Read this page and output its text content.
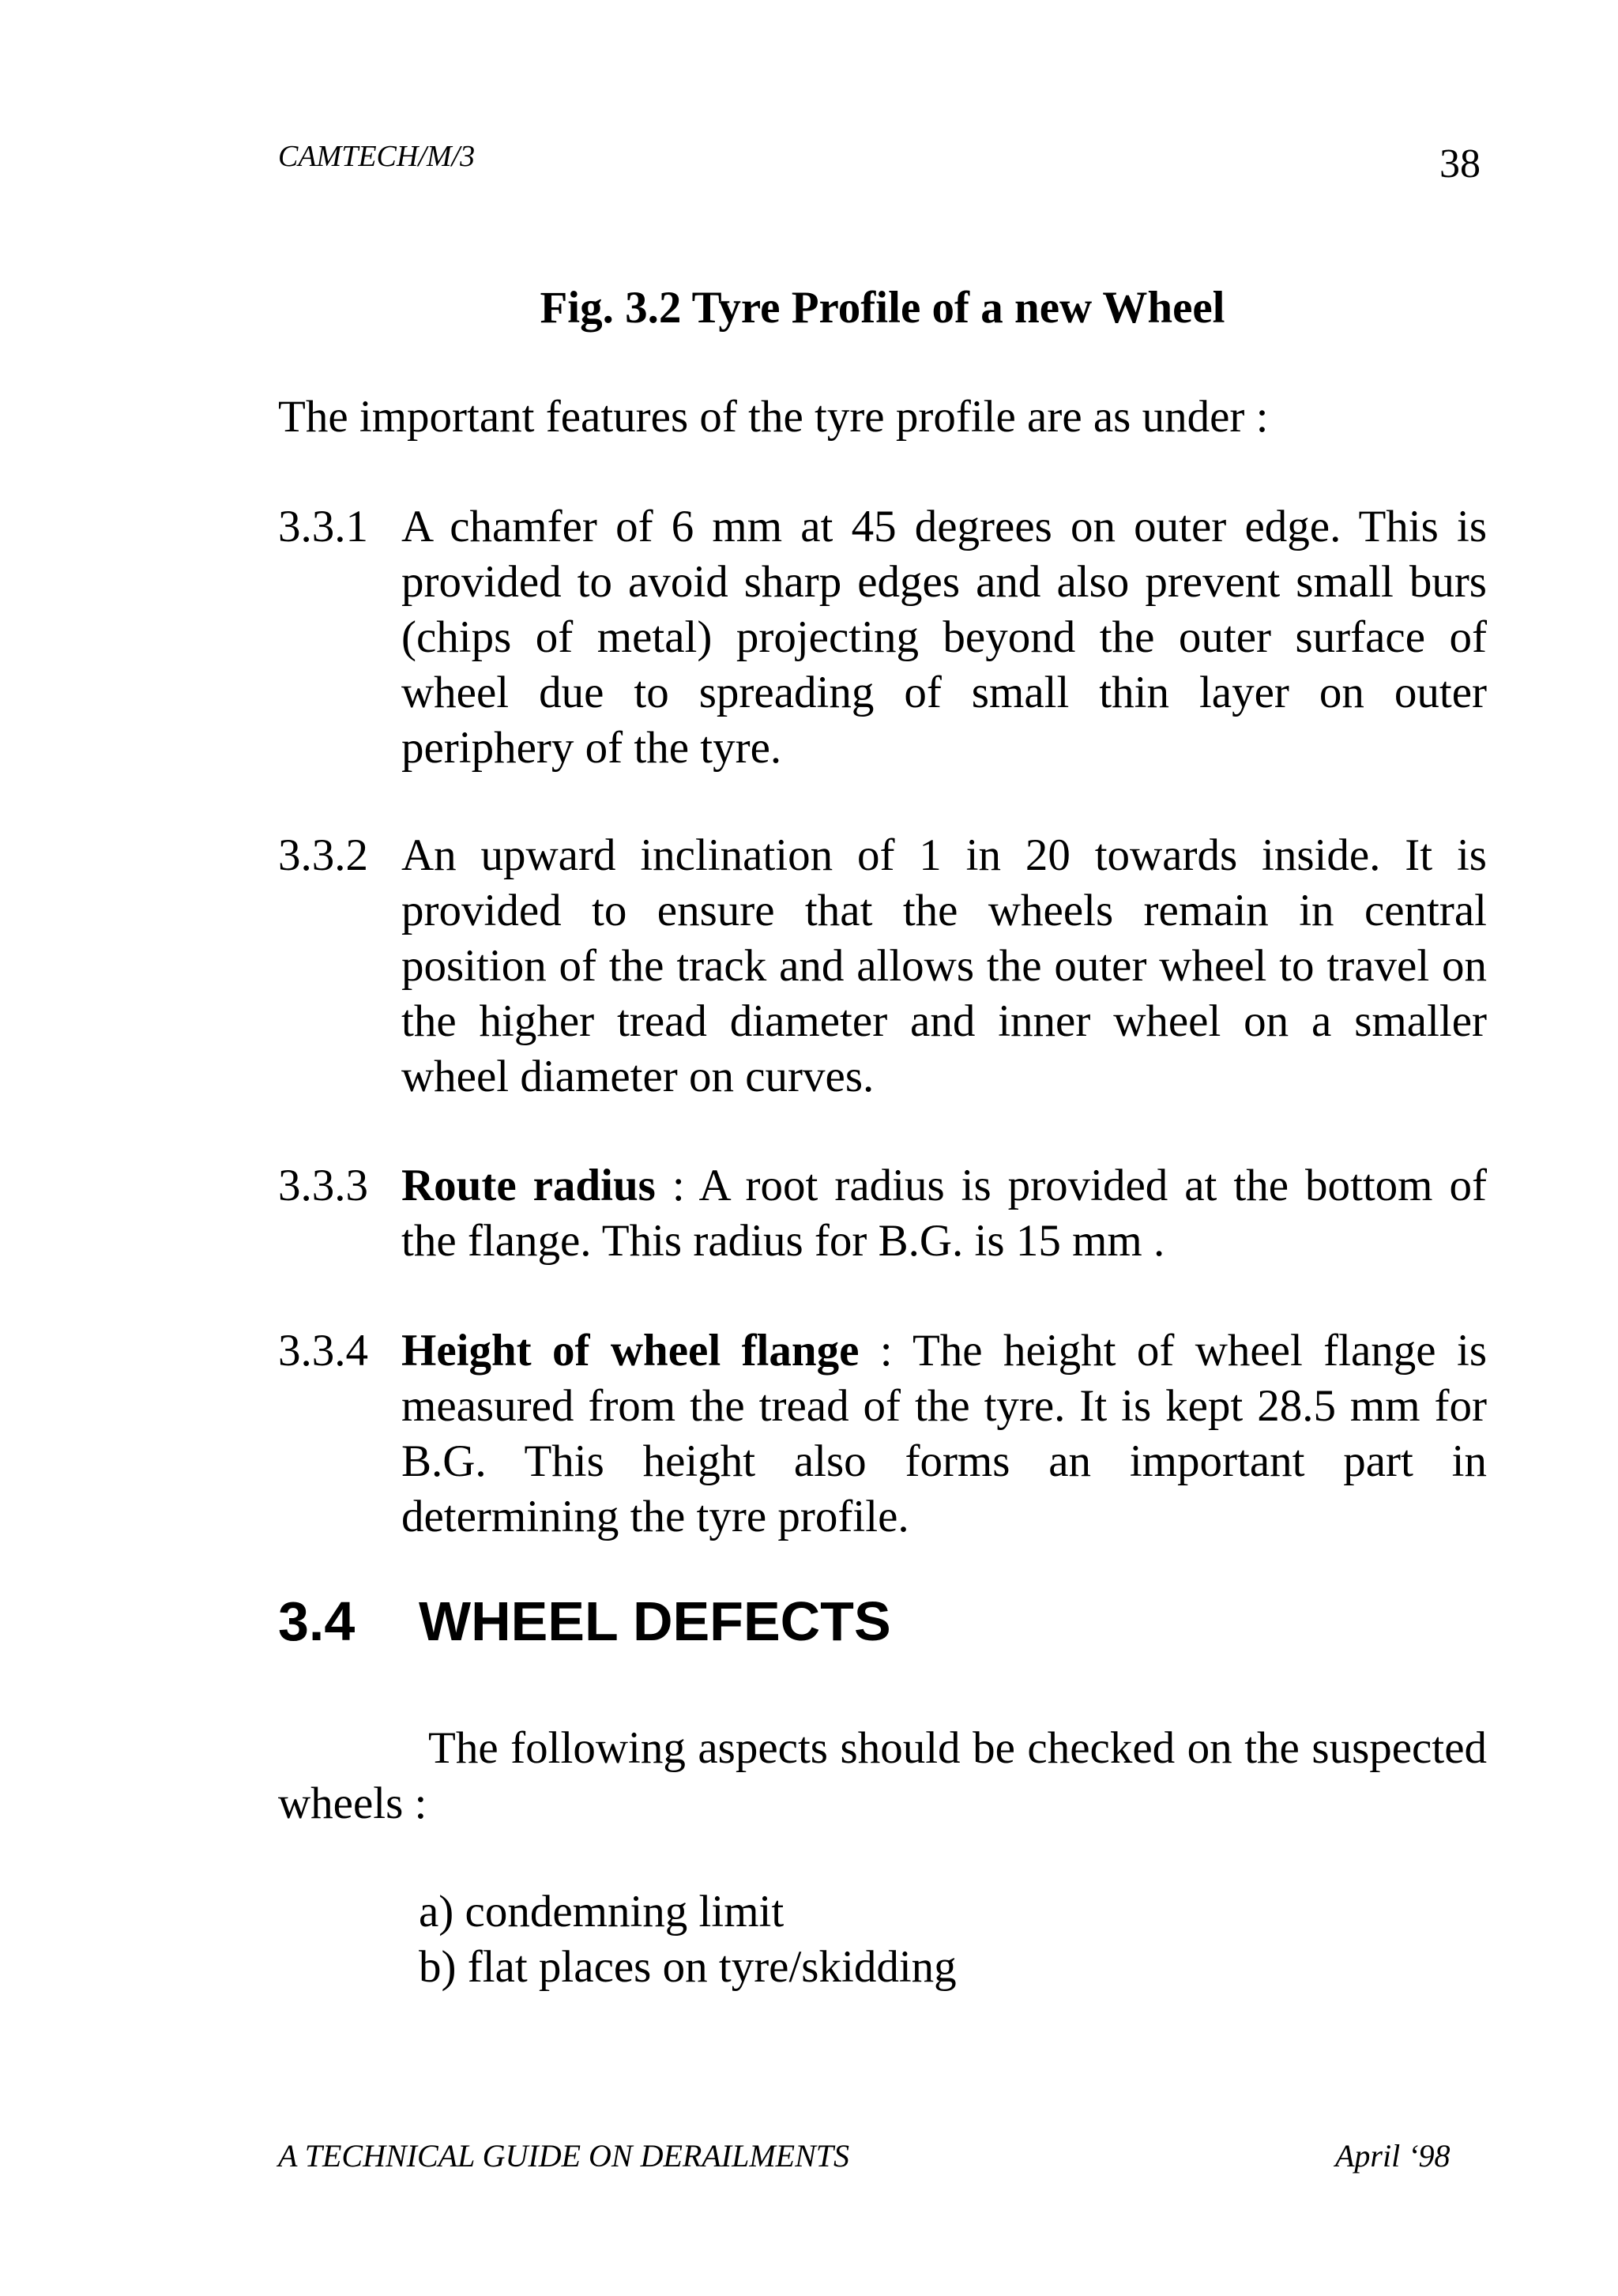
CAMTECH/M/3	38
Fig. 3.2 Tyre Profile of a new Wheel
The important features of the tyre profile are as under :
3.3.1 A chamfer of 6 mm at 45 degrees on outer edge. This is provided to avoid sharp edges and also prevent small burs (chips of metal) projecting beyond the outer surface of wheel due to spreading of small thin layer on outer periphery of the tyre.
3.3.2 An upward inclination of 1 in 20 towards inside. It is provided to ensure that the wheels remain in central position of the track and allows the outer wheel to travel on the higher tread diameter and inner wheel on a smaller wheel diameter on curves.
3.3.3 Route radius : A root radius is provided at the bottom of the flange. This radius for B.G. is 15 mm .
3.3.4 Height of wheel flange : The height of wheel flange is measured from the tread of the tyre. It is kept 28.5 mm for B.G. This height also forms an important part in determining the tyre profile.
3.4 WHEEL DEFECTS
The following aspects should be checked on the suspected wheels :
a) condemning limit
b) flat places on tyre/skidding
A TECHNICAL GUIDE ON DERAILMENTS	April ‘98
